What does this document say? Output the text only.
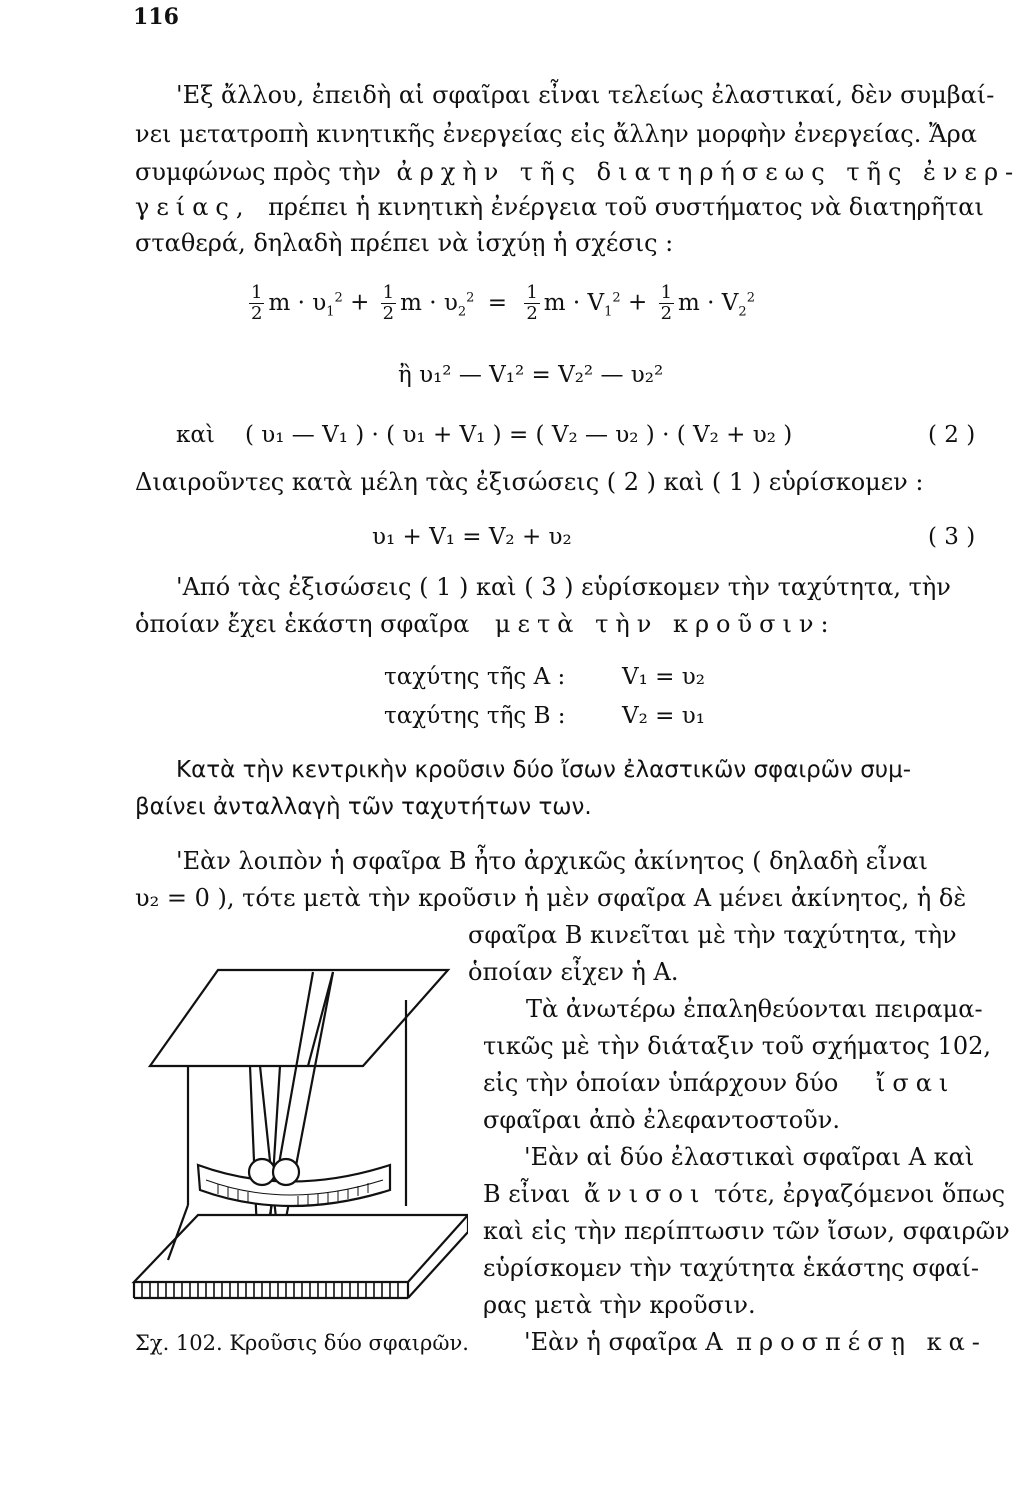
116
'Εξ ἄλλου, ἐπειδὴ αἱ σφαῖραι εἶναι τελείως ἐλαστικαί, δὲν συμβαί-
νει μετατροπὴ κινητικῆς ἐνεργείας εἰς ἄλλην μορφὴν ἐνεργείας. Ἄρα
συμφώνως πρὸς τὴν ἀρχὴν τῆς διατηρήσεως τῆς ἐνερ-
γείας, πρέπει ἡ κινητικὴ ἐνέργεια τοῦ συστήματος νὰ διατηρῆται
σταθερά, δηλαδὴ πρέπει νὰ ἰσχύῃ ἡ σχέσις :
$\frac{1}{2}$ $m \cdot \upsilon_1^2 + \frac{1}{2}$ $m \cdot \upsilon_2^2 = \frac{1}{2}$ $m \cdot V_1^2 + \frac{1}{2}$ $m \cdot V_2^2$
ἢ υ₁² — V₁² = V₂² — υ₂²
καὶ ( υ₁ — V₁ ) · ( υ₁ + V₁ ) = ( V₂ — υ₂ ) · ( V₂ + υ₂ )	( 2 )
Διαιροῦντες κατὰ μέλη τὰς ἐξισώσεις ( 2 ) καὶ ( 1 ) εὑρίσκομεν :
υ₁ + V₁ = V₂ + υ₂	( 3 )
'Από τὰς ἐξισώσεις ( 1 ) καὶ ( 3 ) εὑρίσκομεν τὴν ταχύτητα, τὴν
ὁποίαν ἔχει ἑκάστη σφαῖρα μετὰ τὴν κροῦσιν:
ταχύτης τῆς Α : V₁ = υ₂
ταχύτης τῆς Β : V₂ = υ₁
Κατὰ τὴν κεντρικὴν κροῦσιν δύο ἴσων ἐλαστικῶν σφαιρῶν συμ-
βαίνει ἀνταλλαγὴ τῶν ταχυτήτων των.
'Εὰν λοιπὸν ἡ σφαῖρα Β ἦτο ἀρχικῶς ἀκίνητος ( δηλαδὴ εἶναι
υ₂ = 0 ), τότε μετὰ τὴν κροῦσιν ἡ μὲν σφαῖρα Α μένει ἀκίνητος, ἡ δὲ
σφαῖρα Β κινεῖται μὲ τὴν ταχύτητα, τὴν
ὁποίαν εἶχεν ἡ Α.
Τὰ ἀνωτέρω ἐπαληθεύονται πειραμα-
τικῶς μὲ τὴν διάταξιν τοῦ σχήματος 102,
εἰς τὴν ὁποίαν ὑπάρχουν δύο ἴσαι
σφαῖραι ἀπὸ ἐλεφαντοστοῦν.
'Εὰν αἱ δύο ἐλαστικαὶ σφαῖραι Α καὶ
Β εἶναι ἄνισοι τότε, ἐργαζόμενοι ὅπως
καὶ εἰς τὴν περίπτωσιν τῶν ἴσων, σφαιρῶν
εὑρίσκομεν τὴν ταχύτητα ἑκάστης σφαί-
ρας μετὰ τὴν κροῦσιν.
'Εὰν ἡ σφαῖρα Α προσπέσῃ κα-
Σχ. 102. Κροῦσις δύο σφαιρῶν.
